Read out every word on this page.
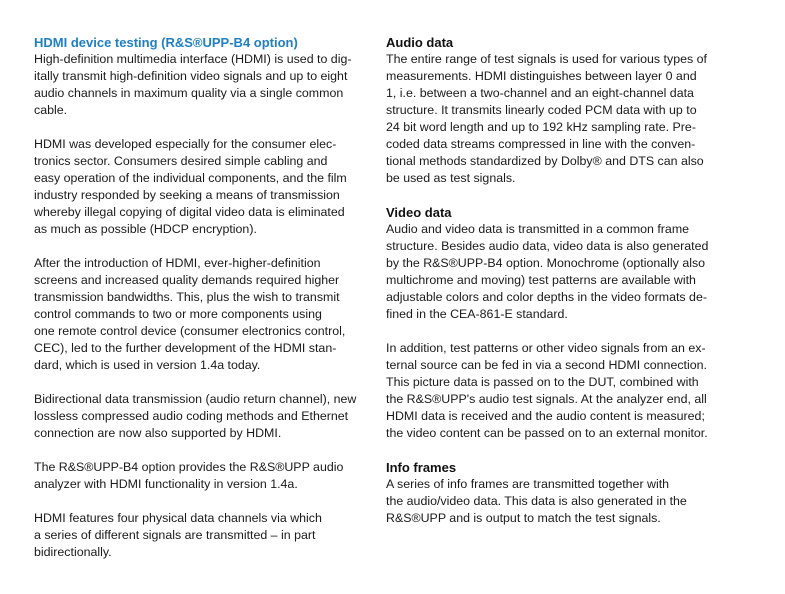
HDMI device testing (R&S®UPP-B4 option)

High-definition multimedia interface (HDMI) is used to dig-
itally transmit high-definition video signals and up to eight
audio channels in maximum quality via a single common
cable.

HDMI was developed especially for the consumer elec-
tronics sector. Consumers desired simple cabling and
easy operation of the individual components, and the film
industry responded by seeking a means of transmission
whereby illegal copying of digital video data is eliminated
as much as possible (HDCP encryption).

After the introduction of HDMI, ever-higher-definition
screens and increased quality demands required higher
transmission bandwidths. This, plus the wish to transmit
control commands to two or more components using
one remote control device (consumer electronics control,
CEC), led to the further development of the HDMI stan-
dard, which is used in version 1.4a today.

Bidirectional data transmission (audio return channel), new
lossless compressed audio coding methods and Ethernet
connection are now also supported by HDMI.

The R&S®UPP-B4 option provides the R&S®UPP audio
analyzer with HDMI functionality in version 1.4a.

HDMI features four physical data channels via which
a series of different signals are transmitted – in part
bidirectionally.

Audio data

The entire range of test signals is used for various types of
measurements. HDMI distinguishes between layer 0 and
1, i.e. between a two-channel and an eight-channel data
structure. It transmits linearly coded PCM data with up to
24 bit word length and up to 192 kHz sampling rate. Pre-
coded data streams compressed in line with the conven-
tional methods standardized by Dolby® and DTS can also
be used as test signals.

Video data

Audio and video data is transmitted in a common frame
structure. Besides audio data, video data is also generated
by the R&S®UPP-B4 option. Monochrome (optionally also
multichrome and moving) test patterns are available with
adjustable colors and color depths in the video formats de-
fined in the CEA-861-E standard.

In addition, test patterns or other video signals from an ex-
ternal source can be fed in via a second HDMI connection.
This picture data is passed on to the DUT, combined with
the R&S®UPP's audio test signals. At the analyzer end, all
HDMI data is received and the audio content is measured;
the video content can be passed on to an external monitor.

Info frames

A series of info frames are transmitted together with
the audio/video data. This data is also generated in the
R&S®UPP and is output to match the test signals.
